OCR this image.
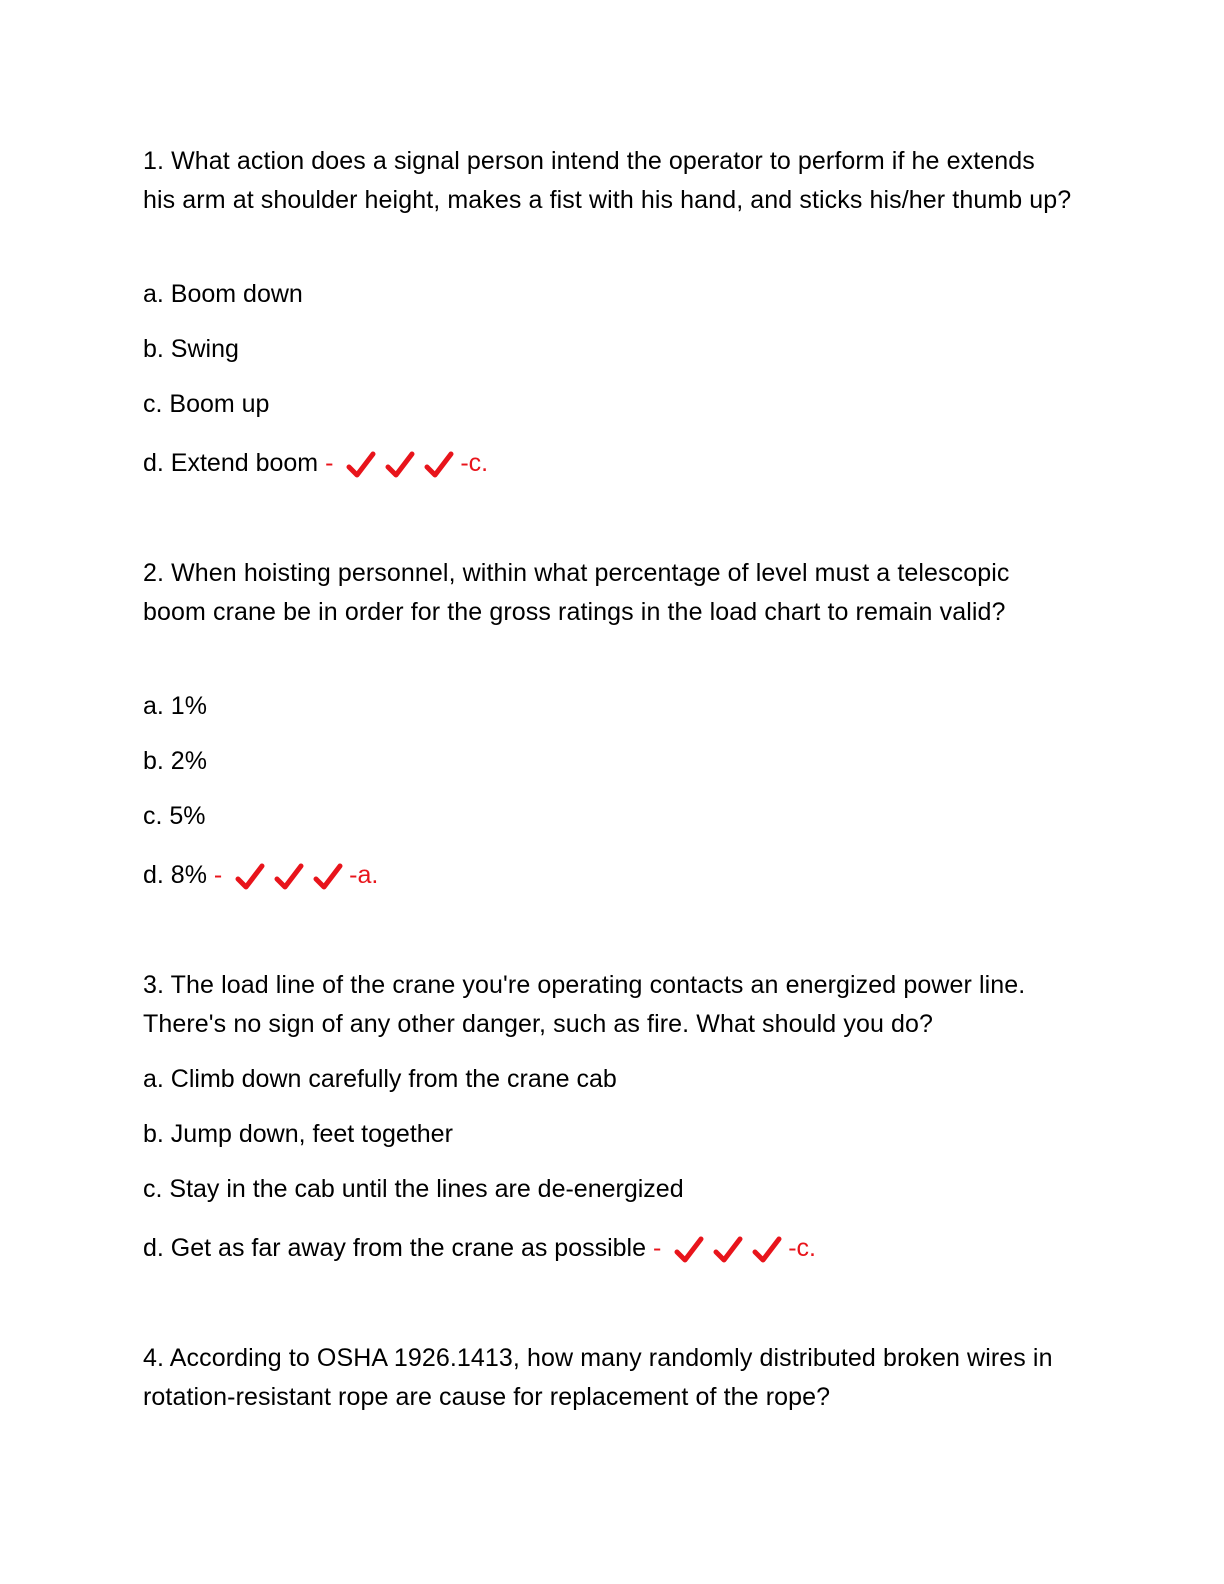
1. What action does a signal person intend the operator to perform if he extends his arm at shoulder height, makes a fist with his hand, and sticks his/her thumb up?

a. Boom down

b. Swing

c. Boom up

d. Extend boom -	-c.

2. When hoisting personnel, within what percentage of level must a telescopic boom crane be in order for the gross ratings in the load chart to remain valid?

a. 1%

b. 2%

c. 5%

d. 8% -	-a.

3. The load line of the crane you're operating contacts an energized power line. There's no sign of any other danger, such as fire. What should you do?

a. Climb down carefully from the crane cab

b. Jump down, feet together

c. Stay in the cab until the lines are de-energized

d. Get as far away from the crane as possible -	-c.

4. According to OSHA 1926.1413, how many randomly distributed broken wires in rotation-resistant rope are cause for replacement of the rope?
